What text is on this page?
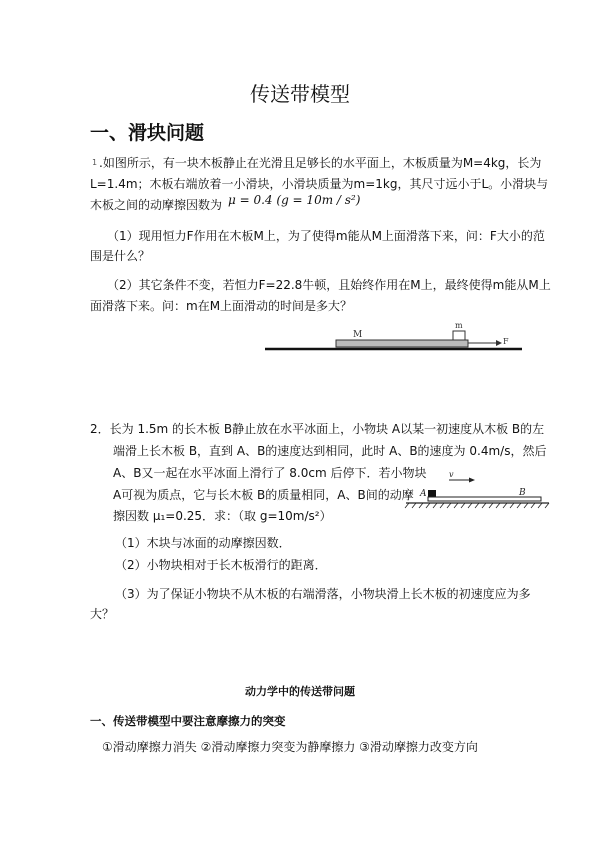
传送带模型
一、滑块问题
1 .如图所示，有一块木板静止在光滑且足够长的水平面上，木板质量为M=4kg，长为
L=1.4m；木板右端放着一小滑块，小滑块质量为m=1kg，其尺寸远小于L。小滑块与
木板之间的动摩擦因数为 μ = 0.4 (g = 10m / s²)
（1）现用恒力F作用在木板M上，为了使得m能从M上面滑落下来，问：F大小的范
围是什么？
（2）其它条件不变，若恒力F=22.8牛顿，且始终作用在M上，最终使得m能从M上
面滑落下来。问：m在M上面滑动的时间是多大？
M
m
F
2．长为 1.5m 的长木板 B静止放在水平冰面上，小物块 A以某一初速度从木板 B的左
端滑上长木板 B，直到 A、B的速度达到相同，此时 A、B的速度为 0.4m/s，然后
A、B又一起在水平冰面上滑行了 8.0cm 后停下．若小物块
A可视为质点，它与长木板 B的质量相同，A、B间的动摩
擦因数 μ₁=0.25．求：（取 g=10m/s²）
v
A	B
（1）木块与冰面的动摩擦因数．
（2）小物块相对于长木板滑行的距离．
（3）为了保证小物块不从木板的右端滑落，小物块滑上长木板的初速度应为多
大？
动力学中的传送带问题
一、传送带模型中要注意摩擦力的突变
①滑动摩擦力消失 ②滑动摩擦力突变为静摩擦力 ③滑动摩擦力改变方向
